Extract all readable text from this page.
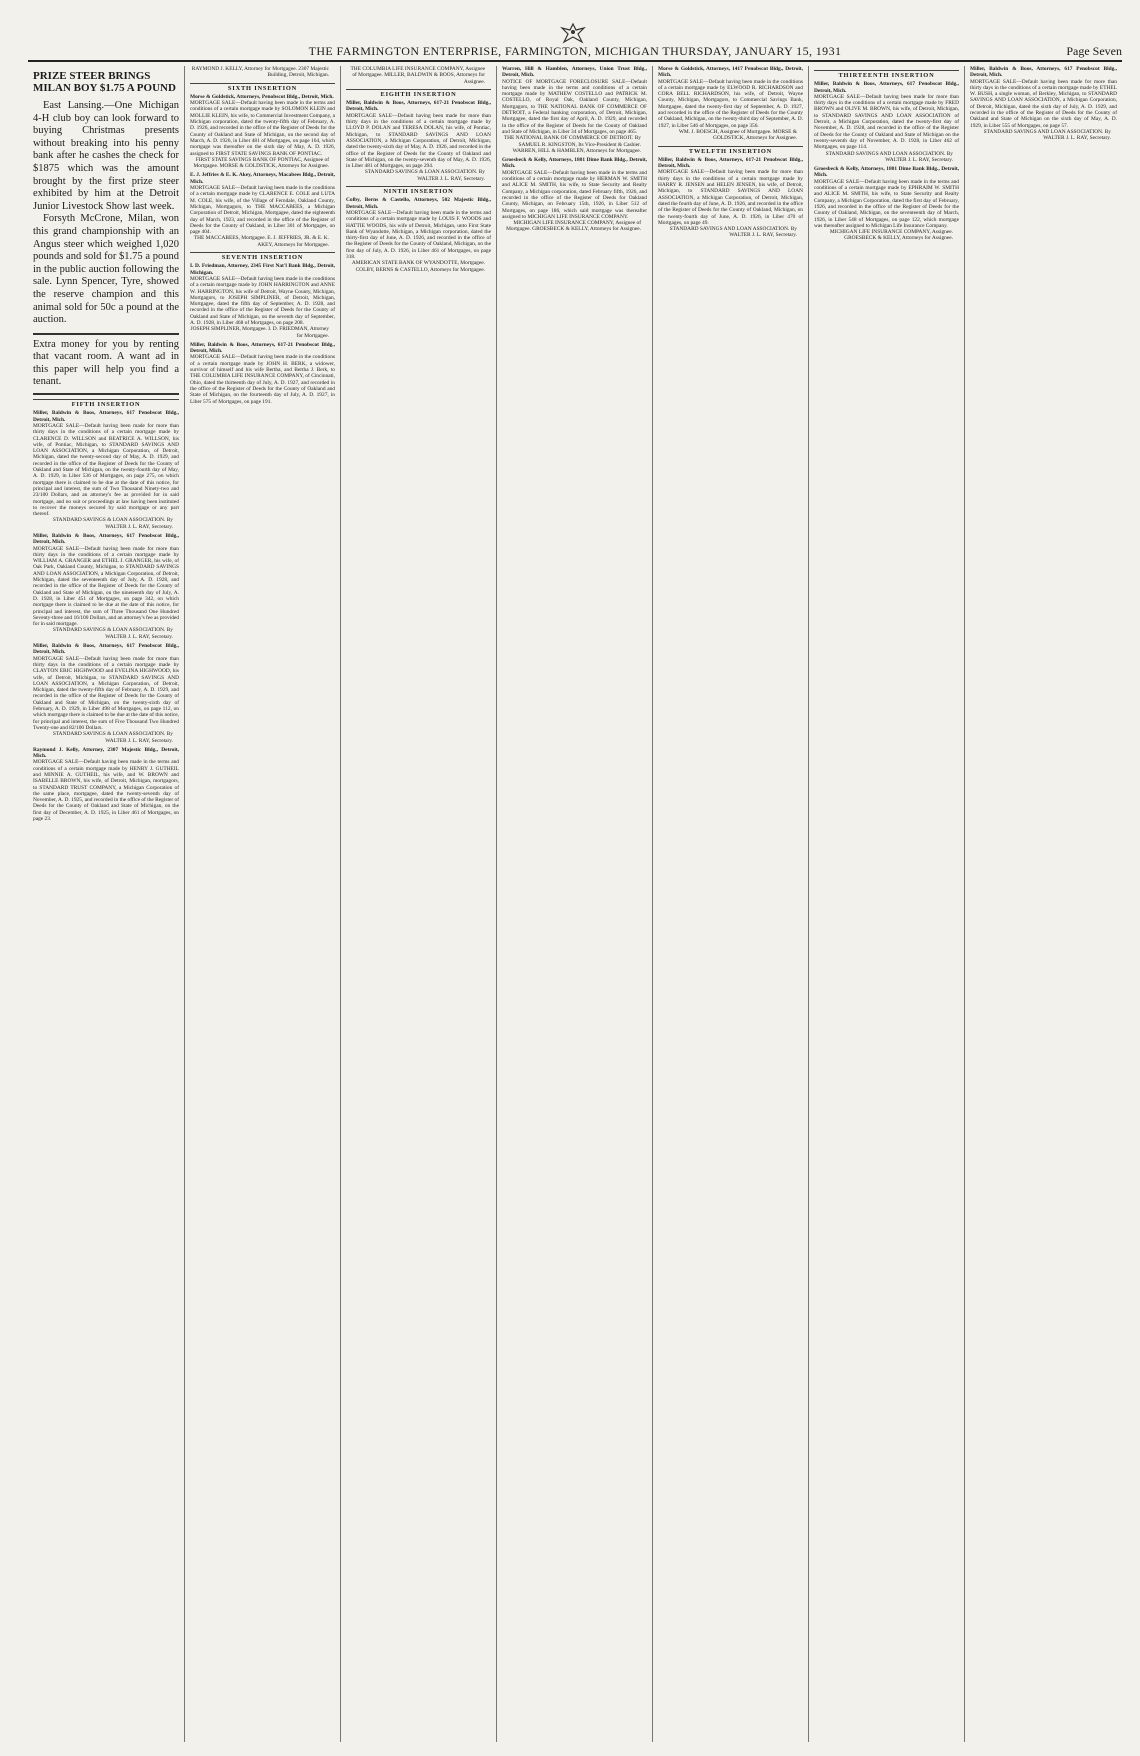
THE FARMINGTON ENTERPRISE, FARMINGTON, MICHIGAN THURSDAY, JANUARY 15, 1931	Page Seven
PRIZE STEER BRINGS
MILAN BOY $1.75 A POUND

East Lansing.—One Michigan 4-H club boy can look forward to buying Christmas presents without breaking into his penny bank after he cashes the check for $1875 which was the amount brought by the first prize steer exhibited by him at the Detroit Junior Livestock Show last week.

Forsyth McCrone, Milan, won this grand championship with an Angus steer which weighed 1,020 pounds and sold for $1.75 a pound in the public auction following the sale. Lynn Spencer, Tyre, showed the reserve champion and this animal sold for 50c a pound at the auction.

Extra money for you by renting that vacant room. A want ad in this paper will help you find a tenant.
FIFTH INSERTION
Miller, Baldwin & Boos, Attorneys, 617 Penobscot Bldg., Detroit, Mich.
MORTGAGE SALE—Default having been made for more than thirty days in the conditions of a certain mortgage made by CLARENCE D. WILLSON and BEATRICE A. WILLSON, his wife, of Pontiac, Michigan, to STANDARD SAVINGS AND LOAN ASSOCIATION, a Michigan Corporation, of Detroit, Michigan, dated the twenty-second day of May, A. D. 1929, and recorded in the office of the Register of Deeds for the County of Oakland and State of Michigan, on the twenty-fourth day of May, A. D. 1929, in Liber 536 of Mortgages, on page 275, on which mortgage there is claimed to be due at the date of this notice, for principal and interest, the sum of Two Thousand Ninety-two and 23/100 Dollars, and an attorney's fee as provided for in said mortgage, and no suit or proceedings at law having been instituted to recover the moneys secured by said mortgage or any part thereof.
STANDARD SAVINGS & LOAN ASSOCIATION. By WALTER J. L. RAY, Secretary.
Miller, Baldwin & Boos, Attorneys, 617 Penobscot Bldg., Detroit, Mich.
MORTGAGE SALE—Default having been made for more than thirty days in the conditions of a certain mortgage made by WILLIAM A. GRANGER and ETHEL J. GRANGER, his wife, of Oak Park, Oakland County, Michigan, to STANDARD SAVINGS AND LOAN ASSOCIATION, a Michigan Corporation, of Detroit, Michigan, dated the seventeenth day of July, A. D. 1928, and recorded in the office of the Register of Deeds for the County of Oakland and State of Michigan, on the nineteenth day of July, A. D. 1928, in Liber 451 of Mortgages, on page 342, on which mortgage there is claimed to be due at the date of this notice, for principal and interest, the sum of Three Thousand One Hundred Seventy-three and 16/100 Dollars, and an attorney's fee as provided for in said mortgage.
STANDARD SAVINGS & LOAN ASSOCIATION. By WALTER J. L. RAY, Secretary.
Miller, Baldwin & Boos, Attorneys, 617 Penobscot Bldg., Detroit, Mich.
MORTGAGE SALE—Default having been made for more than thirty days in the conditions of a certain mortgage made by CLAYTON ERIC HIGHWOOD and EVELINA HIGHWOOD, his wife, of Detroit, Michigan, to STANDARD SAVINGS AND LOAN ASSOCIATION, a Michigan Corporation, of Detroit, Michigan, dated the twenty-fifth day of February, A. D. 1929, and recorded in the office of the Register of Deeds for the County of Oakland and State of Michigan, on the twenty-sixth day of February, A. D. 1929, in Liber 498 of Mortgages, on page 112, on which mortgage there is claimed to be due at the date of this notice, for principal and interest, the sum of Five Thousand Two Hundred Twenty-one and 82/100 Dollars.
STANDARD SAVINGS & LOAN ASSOCIATION. By WALTER J. L. RAY, Secretary.
Raymond J. Kelly, Attorney, 2307 Majestic Bldg., Detroit, Mich.
MORTGAGE SALE—Default having been made in the terms and conditions of a certain mortgage made by HENRY J. GUTHEIL and MINNIE A. GUTHEIL, his wife, and W. BROWN and ISABELLE BROWN, his wife, of Detroit, Michigan, mortgagors, to STANDARD TRUST COMPANY, a Michigan Corporation of the same place, mortgagee, dated the twenty-seventh day of November, A. D. 1925, and recorded in the office of the Register of Deeds for the County of Oakland and State of Michigan, on the first day of December, A. D. 1925, in Liber 461 of Mortgages, on page 23.
RAYMOND J. KELLY, Attorney for Mortgagee. 2307 Majestic Building, Detroit, Michigan.
SIXTH INSERTION
Morse & Goldstick, Attorneys, Penobscot Bldg., Detroit, Mich.
MORTGAGE SALE—Default having been made in the terms and conditions of a certain mortgage made by SOLOMON KLEIN and MOLLIE KLEIN, his wife, to Commercial Investment Company, a Michigan corporation, dated the twenty-fifth day of February, A. D. 1926, and recorded in the office of the Register of Deeds for the County of Oakland and State of Michigan, on the second day of March, A. D. 1926, in Liber 481 of Mortgages, on page 164, which mortgage was thereafter on the sixth day of May, A. D. 1926, assigned to FIRST STATE SAVINGS BANK OF PONTIAC.
FIRST STATE SAVINGS BANK OF PONTIAC, Assignee of Mortgagee. MORSE & GOLDSTICK, Attorneys for Assignee.
E. J. Jeffries & E. K. Akey, Attorneys, Macabees Bldg., Detroit, Mich.
MORTGAGE SALE—Default having been made in the conditions of a certain mortgage made by CLARENCE E. COLE and LUTA M. COLE, his wife, of the Village of Ferndale, Oakland County, Michigan, Mortgagors, to THE MACCABEES, a Michigan Corporation of Detroit, Michigan, Mortgagee, dated the eighteenth day of March, 1923, and recorded in the office of the Register of Deeds for the County of Oakland, in Liber 301 of Mortgages, on page 404.
THE MACCABEES, Mortgagee. E. J. JEFFRIES, JR. & E. K. AKEY, Attorneys for Mortgagee.
SEVENTH INSERTION
I. D. Friedman, Attorney, 2345 First Nat'l Bank Bldg., Detroit, Michigan.
MORTGAGE SALE—Default having been made in the conditions of a certain mortgage made by JOHN HARRINGTON and ANNE W. HARRINGTON, his wife of Detroit, Wayne County, Michigan, Mortgagors, to JOSEPH SIMPLINER, of Detroit, Michigan, Mortgagee, dated the fifth day of September, A. D. 1928, and recorded in the office of the Register of Deeds for the County of Oakland and State of Michigan, on the seventh day of September, A. D. 1928, in Liber 468 of Mortgages, on page 208.
JOSEPH SIMPLINER, Mortgagee. I. D. FRIEDMAN, Attorney for Mortgagee.
Miller, Baldwin & Boos, Attorneys, 617-21 Penobscot Bldg., Detroit, Mich.
MORTGAGE SALE—Default having been made in the conditions of a certain mortgage made by JOHN H. BERK, a widower, survivor of himself and his wife Bertha, and Bertha J. Berk, to THE COLUMBIA LIFE INSURANCE COMPANY, of Cincinnati, Ohio, dated the thirteenth day of July, A. D. 1927, and recorded in the office of the Register of Deeds for the County of Oakland and State of Michigan, on the fourteenth day of July, A. D. 1927, in Liber 575 of Mortgages, on page 191.
THE COLUMBIA LIFE INSURANCE COMPANY, Assignee of Mortgagee. MILLER, BALDWIN & BOOS, Attorneys for Assignee.
EIGHTH INSERTION
Miller, Baldwin & Boos, Attorneys, 617-21 Penobscot Bldg., Detroit, Mich.
MORTGAGE SALE—Default having been made for more than thirty days in the conditions of a certain mortgage made by LLOYD P. DOLAN and TERESA DOLAN, his wife, of Pontiac, Michigan, to STANDARD SAVINGS AND LOAN ASSOCIATION, a Michigan Corporation, of Detroit, Michigan, dated the twenty-sixth day of May, A. D. 1926, and recorded in the office of the Register of Deeds for the County of Oakland and State of Michigan, on the twenty-seventh day of May, A. D. 1926, in Liber 481 of Mortgages, on page 294.
STANDARD SAVINGS & LOAN ASSOCIATION. By WALTER J. L. RAY, Secretary.
NINTH INSERTION
Colby, Berns & Castello, Attorneys, 502 Majestic Bldg., Detroit, Mich.
MORTGAGE SALE—Default having been made in the terms and conditions of a certain mortgage made by LOUIS F. WOODS and HATTIE WOODS, his wife of Detroit, Michigan, unto First State Bank of Wyandotte, Michigan, a Michigan corporation, dated the thirty-first day of June, A. D. 1926, and recorded in the office of the Register of Deeds for the County of Oakland, Michigan, on the first day of July, A. D. 1926, in Liber 461 of Mortgages, on page 318.
AMERICAN STATE BANK OF WYANDOTTE, Mortgagee. COLBY, BERNS & CASTELLO, Attorneys for Mortgagee.
Warren, Hill & Hamblen, Attorneys, Union Trust Bldg., Detroit, Mich.
NOTICE OF MORTGAGE FORECLOSURE SALE—Default having been made in the terms and conditions of a certain mortgage made by MATHEW COSTELLO and PATRICK M. COSTELLO, of Royal Oak, Oakland County, Michigan, Mortgagors, to THE NATIONAL BANK OF COMMERCE OF DETROIT, a Federal banking corporation, of Detroit, Michigan, Mortgagee, dated the first day of April, A. D. 1929, and recorded in the office of the Register of Deeds for the County of Oakland and State of Michigan, in Liber 34 of Mortgages, on page 465.
THE NATIONAL BANK OF COMMERCE OF DETROIT. By SAMUEL R. KINGSTON, Its Vice-President & Cashier. WARREN, HILL & HAMBLEN, Attorneys for Mortgagee.
Groesbeck & Kelly, Attorneys, 1801 Dime Bank Bldg., Detroit, Mich.
MORTGAGE SALE—Default having been made in the terms and conditions of a certain mortgage made by HERMAN W. SMITH and ALICE M. SMITH, his wife, to State Security and Realty Company, a Michigan corporation, dated February fifth, 1926, and recorded in the office of the Register of Deeds for Oakland County, Michigan, on February 15th, 1926, in Liber 512 of Mortgages, on page 186, which said mortgage was thereafter assigned to MICHIGAN LIFE INSURANCE COMPANY.
MICHIGAN LIFE INSURANCE COMPANY, Assignee of Mortgagee. GROESBECK & KELLY, Attorneys for Assignee.
Morse & Goldstick, Attorneys, 1417 Penobscot Bldg., Detroit, Mich.
MORTGAGE SALE—Default having been made in the conditions of a certain mortgage made by ELWOOD R. RICHARDSON and CORA BELL RICHARDSON, his wife, of Detroit, Wayne County, Michigan, Mortgagors, to Commercial Savings Bank, Mortgagee, dated the twenty-first day of September, A. D. 1927, and recorded in the office of the Register of Deeds for the County of Oakland, Michigan, on the twenty-third day of September, A. D. 1927, in Liber 546 of Mortgages, on page 356.
WM. J. BOESCH, Assignee of Mortgagee. MORSE & GOLDSTICK, Attorneys for Assignee.
TWELFTH INSERTION
Miller, Baldwin & Boos, Attorneys, 617-21 Penobscot Bldg., Detroit, Mich.
MORTGAGE SALE—Default having been made for more than thirty days in the conditions of a certain mortgage made by HARRY R. JENSEN and HELEN JENSEN, his wife, of Detroit, Michigan, to STANDARD SAVINGS AND LOAN ASSOCIATION, a Michigan Corporation, of Detroit, Michigan, dated the fourth day of June, A. D. 1926, and recorded in the office of the Register of Deeds for the County of Oakland, Michigan, on the twenty-fourth day of June, A. D. 1926, in Liber 470 of Mortgages, on page 49.
STANDARD SAVINGS AND LOAN ASSOCIATION. By WALTER J. L. RAY, Secretary.
THIRTEENTH INSERTION
Miller, Baldwin & Boos, Attorneys, 617 Penobscot Bldg., Detroit, Mich.
MORTGAGE SALE—Default having been made for more than thirty days in the conditions of a certain mortgage made by FRED BROWN and OLIVE M. BROWN, his wife, of Detroit, Michigan, to STANDARD SAVINGS AND LOAN ASSOCIATION of Detroit, a Michigan Corporation, dated the twenty-first day of November, A. D. 1928, and recorded in the office of the Register of Deeds for the County of Oakland and State of Michigan on the twenty-seventh day of November, A. D. 1928, in Liber 462 of Mortgages, on page 114.
STANDARD SAVINGS AND LOAN ASSOCIATION. By WALTER J. L. RAY, Secretary.
Groesbeck & Kelly, Attorneys, 1801 Dime Bank Bldg., Detroit, Mich.
MORTGAGE SALE—Default having been made in the terms and conditions of a certain mortgage made by EPHRAIM W. SMITH and ALICE M. SMITH, his wife, to State Security and Realty Company, a Michigan Corporation, dated the first day of February, 1926, and recorded in the office of the Register of Deeds for the County of Oakland, Michigan, on the seventeenth day of March, 1926, in Liber 548 of Mortgages, on page 122, which mortgage was thereafter assigned to Michigan Life Insurance Company.
MICHIGAN LIFE INSURANCE COMPANY, Assignee. GROESBECK & KELLY, Attorneys for Assignee.
Miller, Baldwin & Boos, Attorneys, 617 Penobscot Bldg., Detroit, Mich.
MORTGAGE SALE—Default having been made for more than thirty days in the conditions of a certain mortgage made by ETHEL W. BUSH, a single woman, of Berkley, Michigan, to STANDARD SAVINGS AND LOAN ASSOCIATION, a Michigan Corporation, of Detroit, Michigan, dated the sixth day of July, A. D. 1929, and recorded in the office of the Register of Deeds for the County of Oakland and State of Michigan on the sixth day of May, A. D. 1929, in Liber 555 of Mortgages, on page 57.
STANDARD SAVINGS AND LOAN ASSOCIATION. By WALTER J. L. RAY, Secretary.
